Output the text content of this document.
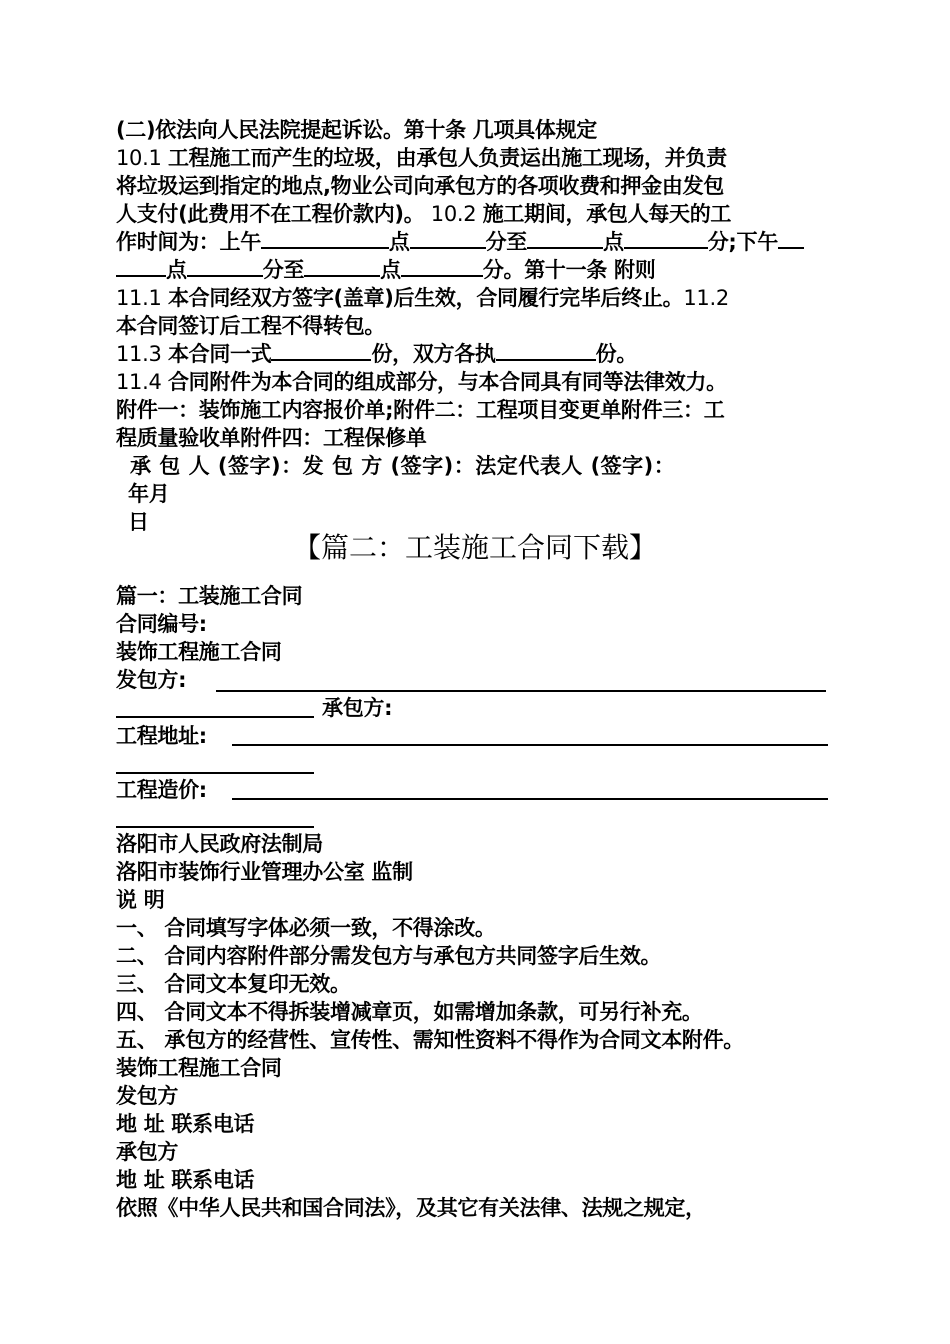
(二)依法向人民法院提起诉讼。第十条 几项具体规定
10.1 工程施工而产生的垃圾，由承包人负责运出施工现场，并负责
将垃圾运到指定的地点,物业公司向承包方的各项收费和押金由发包
人支付(此费用不在工程价款内)。 10.2 施工期间，承包人每天的工
作时间为：上午	点	分至	点	分;下午
点	分至	点	分。第十一条 附则
11.1 本合同经双方签字(盖章)后生效，合同履行完毕后终止。11.2
本合同签订后工程不得转包。
11.3 本合同一式	份，双方各执	份。
11.4 合同附件为本合同的组成部分，与本合同具有同等法律效力。
附件一：装饰施工内容报价单;附件二：工程项目变更单附件三：工
程质量验收单附件四：工程保修单
承 包 人 (签字)：发 包 方 (签字)：法定代表人 (签字)：
年月
日
【篇二：工装施工合同下载】
篇一：工装施工合同
合同编号:
装饰工程施工合同
发包方:
承包方:
工程地址:
工程造价:
洛阳市人民政府法制局
洛阳市装饰行业管理办公室 监制
说 明
一、 合同填写字体必须一致，不得涂改。
二、 合同内容附件部分需发包方与承包方共同签字后生效。
三、 合同文本复印无效。
四、 合同文本不得拆装增减章页，如需增加条款，可另行补充。
五、 承包方的经营性、宣传性、需知性资料不得作为合同文本附件。
装饰工程施工合同
发包方
地 址 联系电话
承包方
地 址 联系电话
依照《中华人民共和国合同法》，及其它有关法律、法规之规定，
